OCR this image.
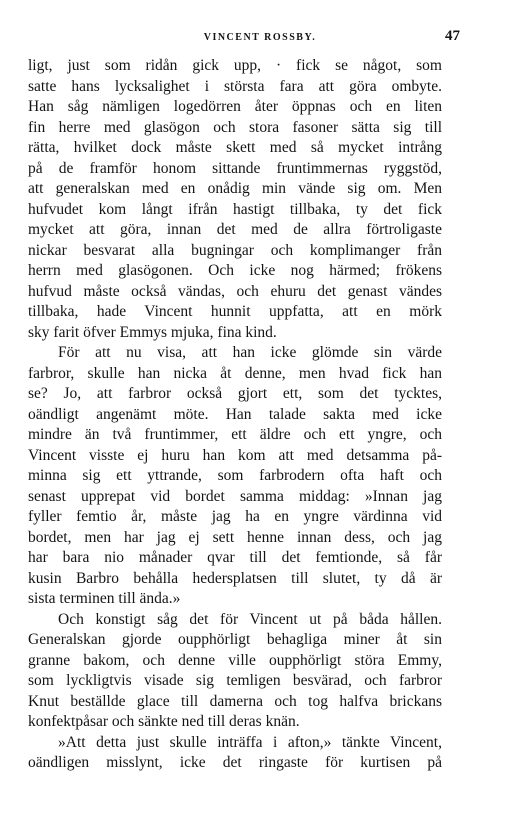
VINCENT ROSSBY.	47
ligt, just som ridån gick upp, · fick se något, som
satte hans lycksalighet i största fara att göra ombyte.
Han såg nämligen logedörren åter öppnas och en liten
fin herre med glasögon och stora fasoner sätta sig till
rätta, hvilket dock måste skett med så mycket intrång
på de framför honom sittande fruntimmernas ryggstöd,
att generalskan med en onådig min vände sig om. Men
hufvudet kom långt ifrån hastigt tillbaka, ty det fick
mycket att göra, innan det med de allra förtroligaste
nickar besvarat alla bugningar och komplimanger från
herrn med glasögonen. Och icke nog härmed; frökens
hufvud måste också vändas, och ehuru det genast vändes
tillbaka, hade Vincent hunnit uppfatta, att en mörk
sky farit öfver Emmys mjuka, fina kind.
För att nu visa, att han icke glömde sin värde
farbror, skulle han nicka åt denne, men hvad fick han
se? Jo, att farbror också gjort ett, som det tycktes,
oändligt angenämt möte. Han talade sakta med icke
mindre än två fruntimmer, ett äldre och ett yngre, och
Vincent visste ej huru han kom att med detsamma på-
minna sig ett yttrande, som farbrodern ofta haft och
senast upprepat vid bordet samma middag: »Innan jag
fyller femtio år, måste jag ha en yngre värdinna vid
bordet, men har jag ej sett henne innan dess, och jag
har bara nio månader qvar till det femtionde, så får
kusin Barbro behålla hedersplatsen till slutet, ty då är
sista terminen till ända.»
Och konstigt såg det för Vincent ut på båda hållen.
Generalskan gjorde oupphörligt behagliga miner åt sin
granne bakom, och denne ville oupphörligt störa Emmy,
som lyckligtvis visade sig temligen besvärad, och farbror
Knut beställde glace till damerna och tog halfva brickans
konfektpåsar och sänkte ned till deras knän.
»Att detta just skulle inträffa i afton,» tänkte Vincent,
oändligen misslynt, icke det ringaste för kurtisen på
